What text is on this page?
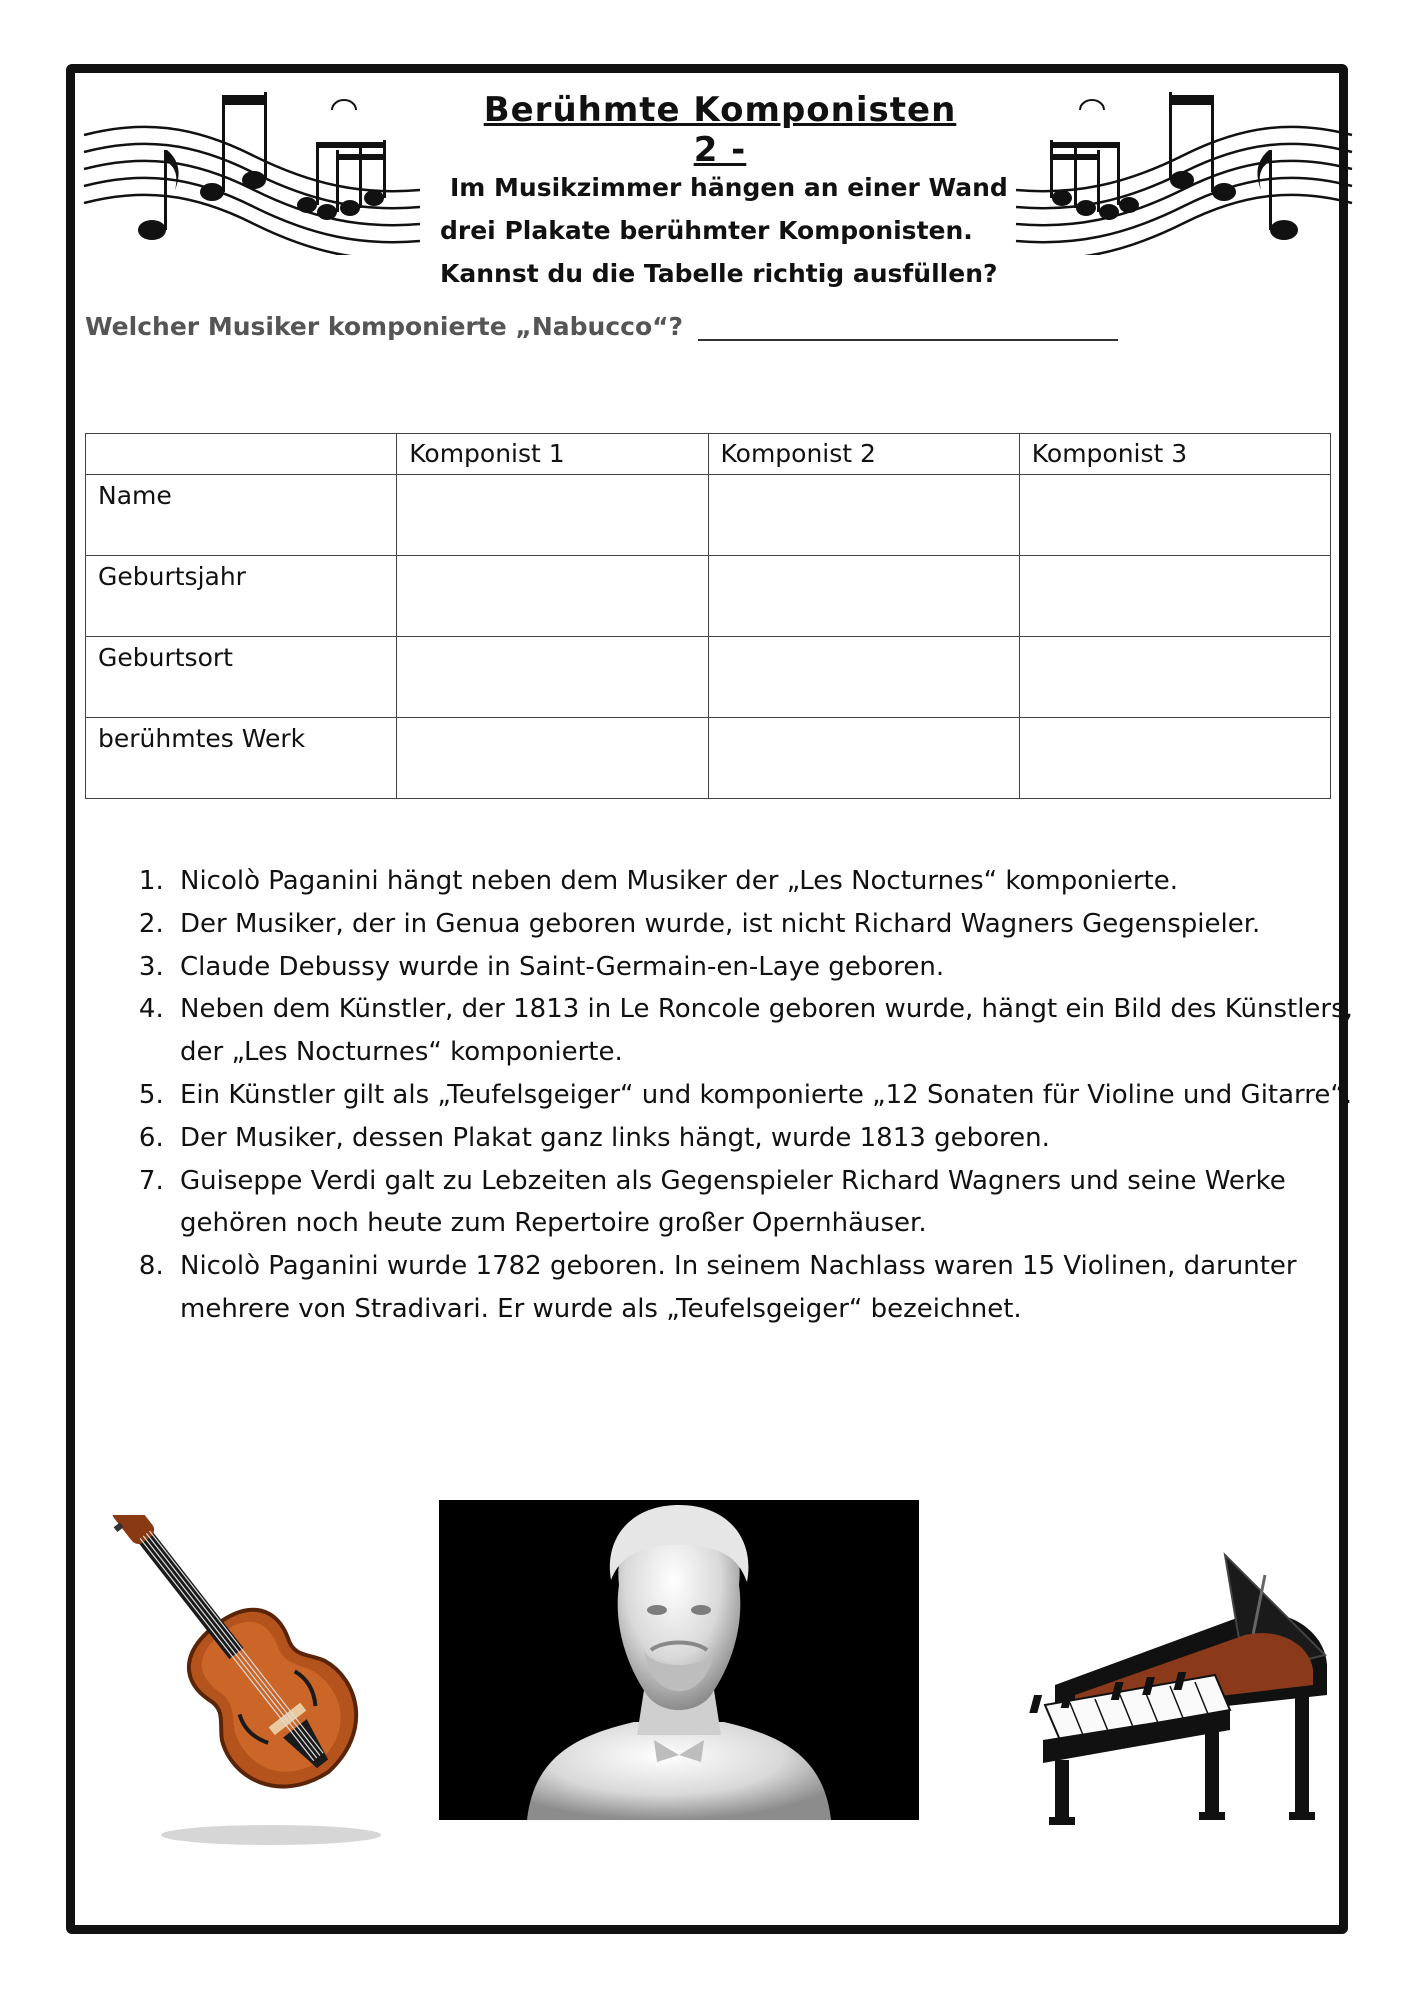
Berühmte Komponisten 2 -
Im Musikzimmer hängen an einer Wand
drei Plakate berühmter Komponisten.
Kannst du die Tabelle richtig ausfüllen?
Welcher Musiker komponierte „Nabucco“?
	Komponist 1	Komponist 2	Komponist 3
Name			
Geburtsjahr			
Geburtsort			
berühmtes Werk			
1. Nicolò Paganini hängt neben dem Musiker der „Les Nocturnes“ komponierte.
2. Der Musiker, der in Genua geboren wurde, ist nicht Richard Wagners Gegenspieler.
3. Claude Debussy wurde in Saint-Germain-en-Laye geboren.
4. Neben dem Künstler, der 1813 in Le Roncole geboren wurde, hängt ein Bild des Künstlers, der „Les Nocturnes“ komponierte.
5. Ein Künstler gilt als „Teufelsgeiger“ und komponierte „12 Sonaten für Violine und Gitarre“.
6. Der Musiker, dessen Plakat ganz links hängt, wurde 1813 geboren.
7. Guiseppe Verdi galt zu Lebzeiten als Gegenspieler Richard Wagners und seine Werke gehören noch heute zum Repertoire großer Opernhäuser.
8. Nicolò Paganini wurde 1782 geboren. In seinem Nachlass waren 15 Violinen, darunter mehrere von Stradivari. Er wurde als „Teufelsgeiger“ bezeichnet.
